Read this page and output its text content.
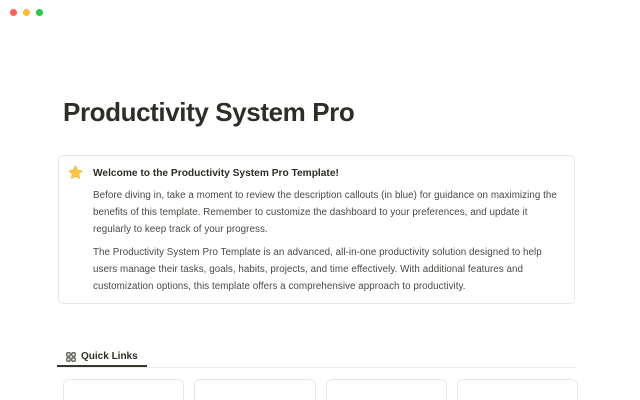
Productivity System Pro
Welcome to the Productivity System Pro Template!

Before diving in, take a moment to review the description callouts (in blue) for guidance on maximizing the benefits of this template. Remember to customize the dashboard to your preferences, and update it regularly to keep track of your progress.

The Productivity System Pro Template is an advanced, all-in-one productivity solution designed to help users manage their tasks, goals, habits, projects, and time effectively. With additional features and customization options, this template offers a comprehensive approach to productivity.

Quick Links
